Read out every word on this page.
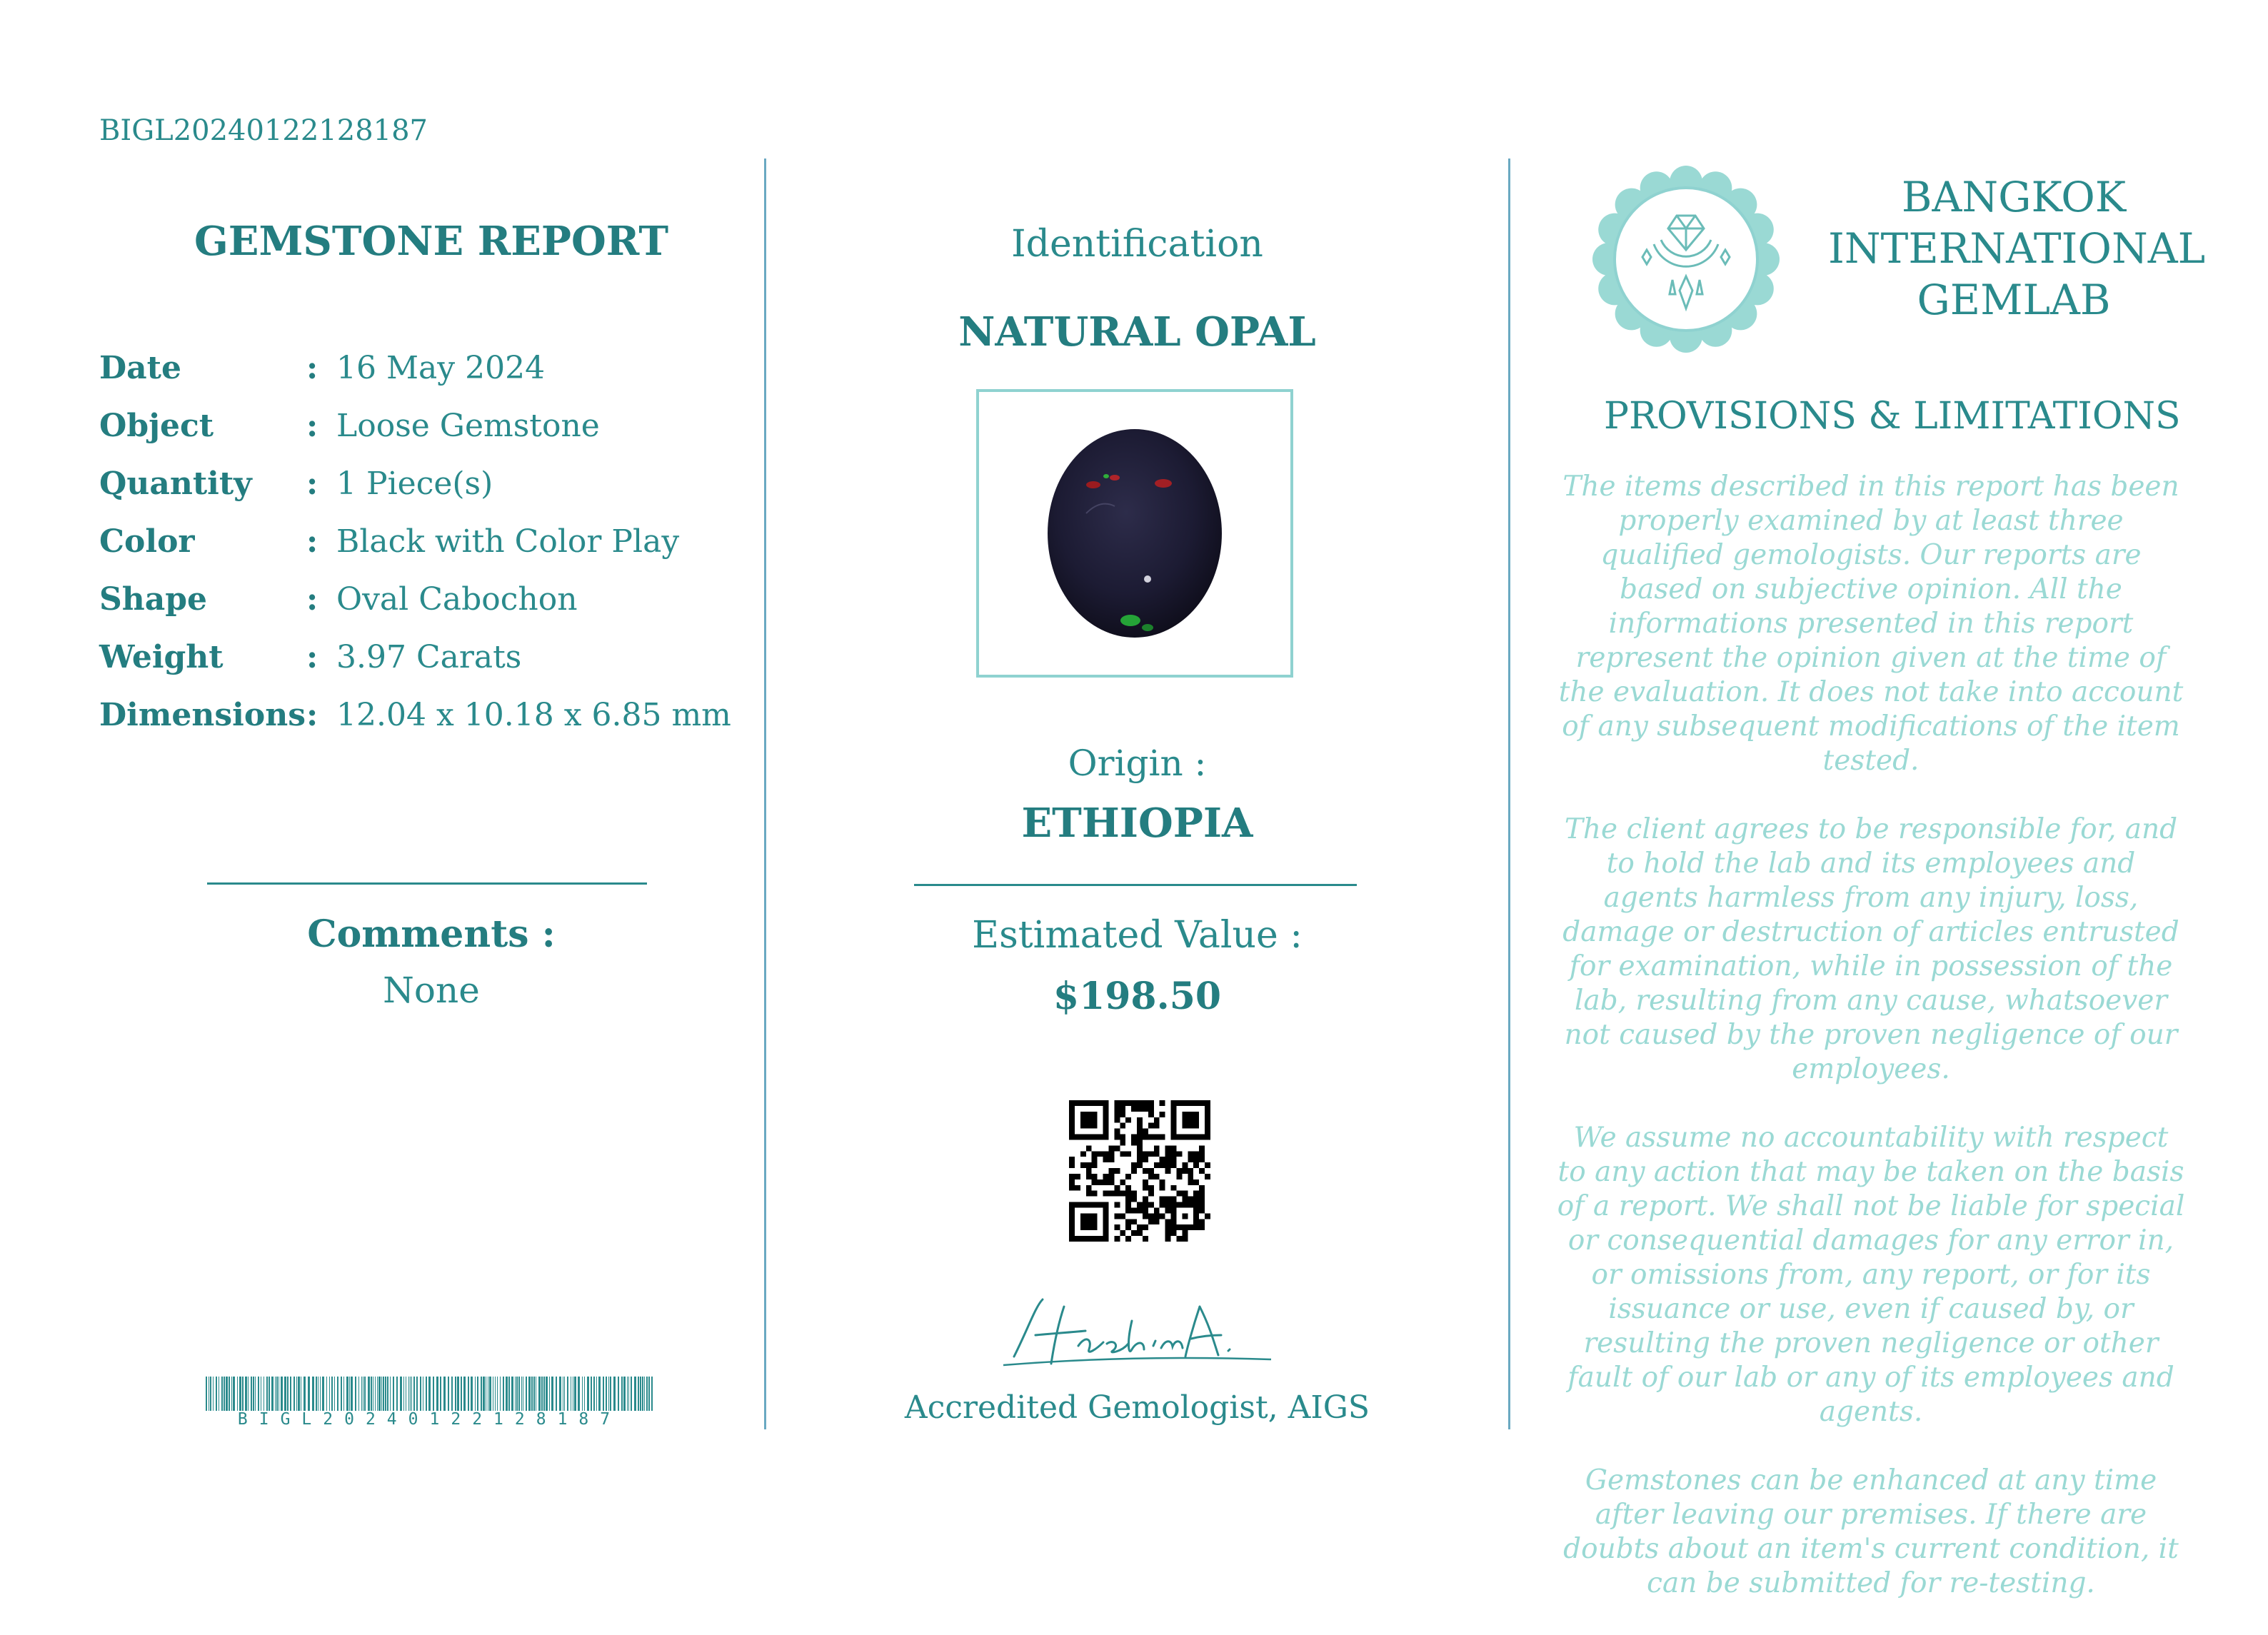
BIGL20240122128187
GEMSTONE REPORT
Date	: 16 May 2024
Object	: Loose Gemstone
Quantity	: 1 Piece(s)
Color	: Black with Color Play
Shape	: Oval Cabochon
Weight	: 3.97 Carats
Dimensions : 12.04 x 10.18 x 6.85 mm
Comments :
None
BIGL20240122128187
Identification
NATURAL OPAL
Origin :
ETHIOPIA
Estimated Value :
$198.50
Accredited Gemologist, AIGS
BANGKOK
INTERNATIONAL
GEMLAB
PROVISIONS & LIMITATIONS

The items described in this report has been properly examined by at least three qualified gemologists. Our reports are based on subjective opinion. All the informations presented in this report represent the opinion given at the time of the evaluation. It does not take into account of any subsequent modifications of the item tested.

The client agrees to be responsible for, and to hold the lab and its employees and agents harmless from any injury, loss, damage or destruction of articles entrusted for examination, while in possession of the lab, resulting from any cause, whatsoever not caused by the proven negligence of our employees.

We assume no accountability with respect to any action that may be taken on the basis of a report. We shall not be liable for special or consequential damages for any error in, or omissions from, any report, or for its issuance or use, even if caused by, or resulting the proven negligence or other fault of our lab or any of its employees and agents.

Gemstones can be enhanced at any time after leaving our premises. If there are doubts about an item's current condition, it can be submitted for re-testing.
